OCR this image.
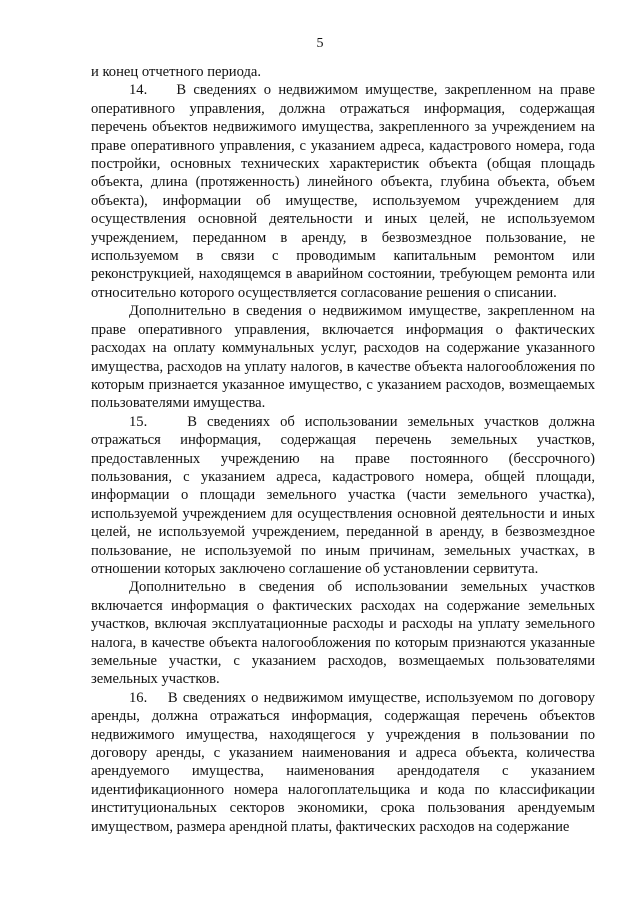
5

и конец отчетного периода.

14.    В сведениях о недвижимом имуществе, закрепленном на праве оперативного управления, должна отражаться информация, содержащая перечень объектов недвижимого имущества, закрепленного за учреждением на праве оперативного управления, с указанием адреса, кадастрового номера, года постройки, основных технических характеристик объекта (общая площадь объекта, длина (протяженность) линейного объекта, глубина объекта, объем объекта), информации об имуществе, используемом учреждением для осуществления основной деятельности и иных целей, не используемом учреждением, переданном в аренду, в безвозмездное пользование, не используемом в связи с проводимым капитальным ремонтом или реконструкцией, находящемся в аварийном состоянии, требующем ремонта или относительно которого осуществляется согласование решения о списании.

Дополнительно в сведения о недвижимом имуществе, закрепленном на праве оперативного управления, включается информация о фактических расходах на оплату коммунальных услуг, расходов на содержание указанного имущества, расходов на уплату налогов, в качестве объекта налогообложения по которым признается указанное имущество, с указанием расходов, возмещаемых пользователями имущества.

15.    В сведениях об использовании земельных участков должна отражаться информация, содержащая перечень земельных участков, предоставленных учреждению на праве постоянного (бессрочного) пользования, с указанием адреса, кадастрового номера, общей площади, информации о площади земельного участка (части земельного участка), используемой учреждением для осуществления основной деятельности и иных целей, не используемой учреждением, переданной в аренду, в безвозмездное пользование, не используемой по иным причинам, земельных участках, в отношении которых заключено соглашение об установлении сервитута.

Дополнительно в сведения об использовании земельных участков включается информация о фактических расходах на содержание земельных участков, включая эксплуатационные расходы и расходы на уплату земельного налога, в качестве объекта налогообложения по которым признаются указанные земельные участки, с указанием расходов, возмещаемых пользователями земельных участков.

16.    В сведениях о недвижимом имуществе, используемом по договору аренды, должна отражаться информация, содержащая перечень объектов недвижимого имущества, находящегося у учреждения в пользовании по договору аренды, с указанием наименования и адреса объекта, количества арендуемого имущества, наименования арендодателя с указанием идентификационного номера налогоплательщика и кода по классификации институциональных секторов экономики, срока пользования арендуемым имуществом, размера арендной платы, фактических расходов на содержание
